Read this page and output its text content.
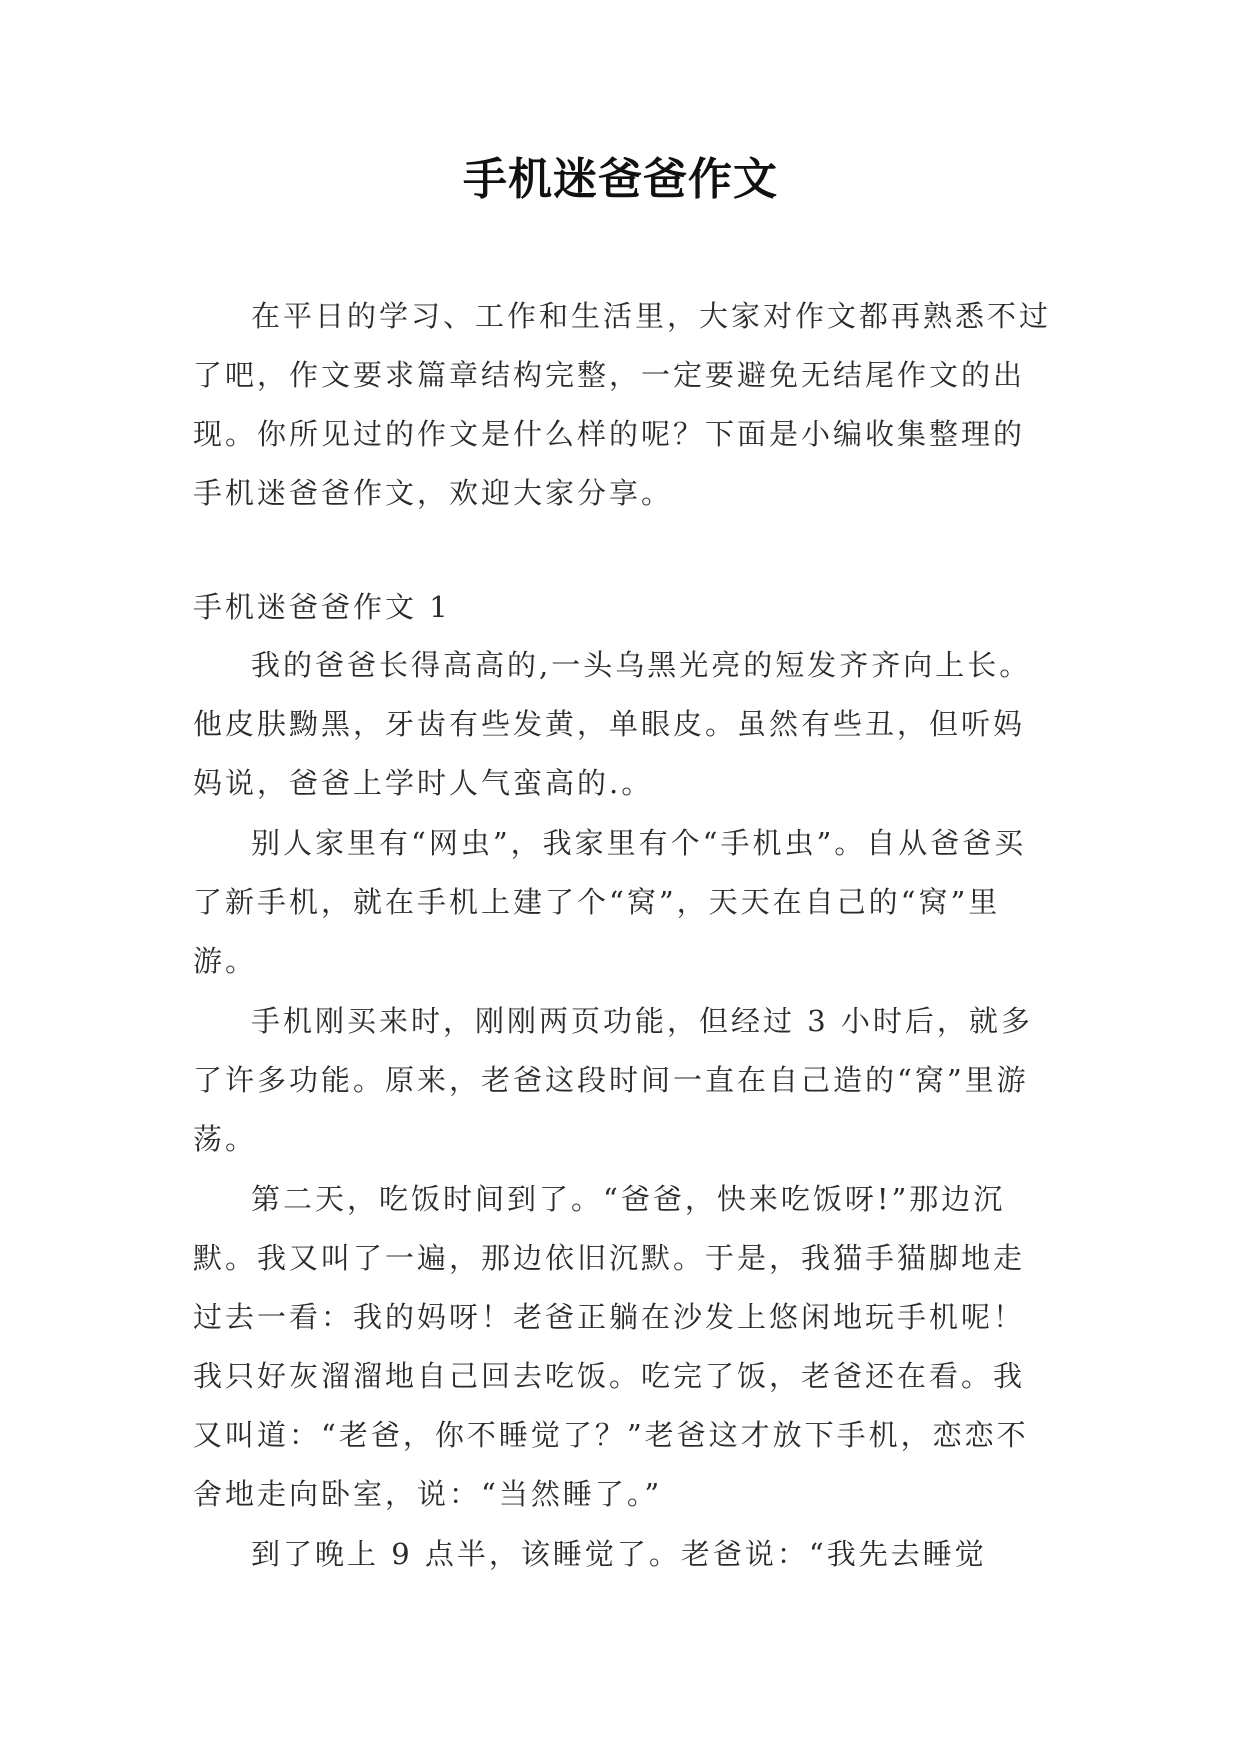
手机迷爸爸作文

在平日的学习、工作和生活里，大家对作文都再熟悉不过了吧，作文要求篇章结构完整，一定要避免无结尾作文的出现。你所见过的作文是什么样的呢？下面是小编收集整理的手机迷爸爸作文，欢迎大家分享。

手机迷爸爸作文 1

我的爸爸长得高高的,一头乌黑光亮的短发齐齐向上长。他皮肤黝黑，牙齿有些发黄，单眼皮。虽然有些丑，但听妈妈说，爸爸上学时人气蛮高的.。

别人家里有“网虫”，我家里有个“手机虫”。自从爸爸买了新手机，就在手机上建了个“窝”，天天在自己的“窝”里游。

手机刚买来时，刚刚两页功能，但经过 3 小时后，就多了许多功能。原来，老爸这段时间一直在自己造的“窝”里游荡。

第二天，吃饭时间到了。“爸爸，快来吃饭呀!”那边沉默。我又叫了一遍，那边依旧沉默。于是，我猫手猫脚地走过去一看：我的妈呀！老爸正躺在沙发上悠闲地玩手机呢！我只好灰溜溜地自己回去吃饭。吃完了饭，老爸还在看。我又叫道：“老爸，你不睡觉了？”老爸这才放下手机，恋恋不舍地走向卧室，说：“当然睡了。”

到了晚上 9 点半，该睡觉了。老爸说：“我先去睡觉
